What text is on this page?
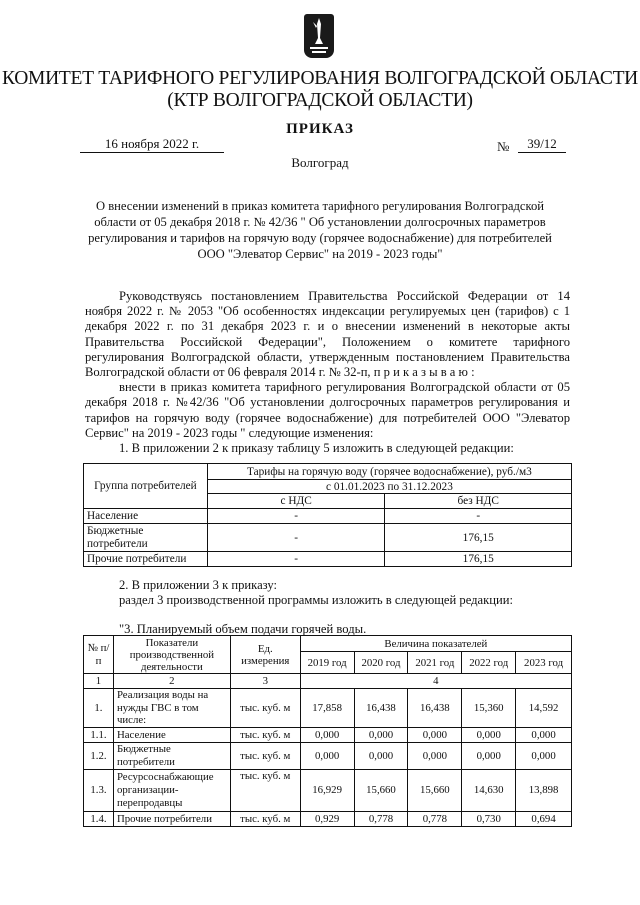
КОМИТЕТ ТАРИФНОГО РЕГУЛИРОВАНИЯ ВОЛГОГРАДСКОЙ ОБЛАСТИ
(КТР ВОЛГОГРАДСКОЙ ОБЛАСТИ)
ПРИКАЗ
16 ноября 2022 г.	№	39/12
Волгоград
О внесении изменений в приказ комитета тарифного регулирования Волгоградской
области от 05 декабря 2018 г. № 42/36 " Об установлении долгосрочных параметров
регулирования и тарифов на горячую воду (горячее водоснабжение) для потребителей
ООО "Элеватор Сервис" на 2019 - 2023 годы"

Руководствуясь постановлением Правительства Российской Федерации от 14 ноября 2022 г. № 2053 "Об особенностях индексации регулируемых цен (тарифов) с 1 декабря 2022 г. по 31 декабря 2023 г. и о внесении изменений в некоторые акты Правительства Российской Федерации", Положением о комитете тарифного регулирования Волгоградской области, утвержденным постановлением Правительства Волгоградской области от 06 февраля 2014 г. № 32-п, п р и к а з ы в а ю :

внести в приказ комитета тарифного регулирования Волгоградской области от 05 декабря 2018 г. №42/36 "Об установлении долгосрочных параметров регулирования и тарифов на горячую воду (горячее водоснабжение) для потребителей ООО "Элеватор Сервис" на 2019 - 2023 годы " следующие изменения:

1. В приложении 2 к приказу таблицу 5 изложить в следующей редакции:

Группа потребителей	Тарифы на горячую воду (горячее водоснабжение), руб./м3	
	с 01.01.2023 по 31.12.2023	
	с НДС	без НДС
Население	-	-
Бюджетные потребители	-	176,15
Прочие потребители	-	176,15

2. В приложении 3 к приказу:

раздел 3 производственной программы изложить в следующей редакции:

"3. Планируемый объем подачи горячей воды.
№ п/п	Показатели производственной деятельности	Ед. измерения	Величина показателей				
			2019 год	2020 год	2021 год	2022 год	2023 год
1	2	3	4				
1.	Реализация воды на нужды ГВС в том числе:	тыс. куб. м	17,858	16,438	16,438	15,360	14,592
1.1.	Население	тыс. куб. м	0,000	0,000	0,000	0,000	0,000
1.2.	Бюджетные потребители	тыс. куб. м	0,000	0,000	0,000	0,000	0,000
1.3.	Ресурсоснабжающие организации-перепродавцы	тыс. куб. м	16,929	15,660	15,660	14,630	13,898
1.4.	Прочие потребители	тыс. куб. м	0,929	0,778	0,778	0,730	0,694
